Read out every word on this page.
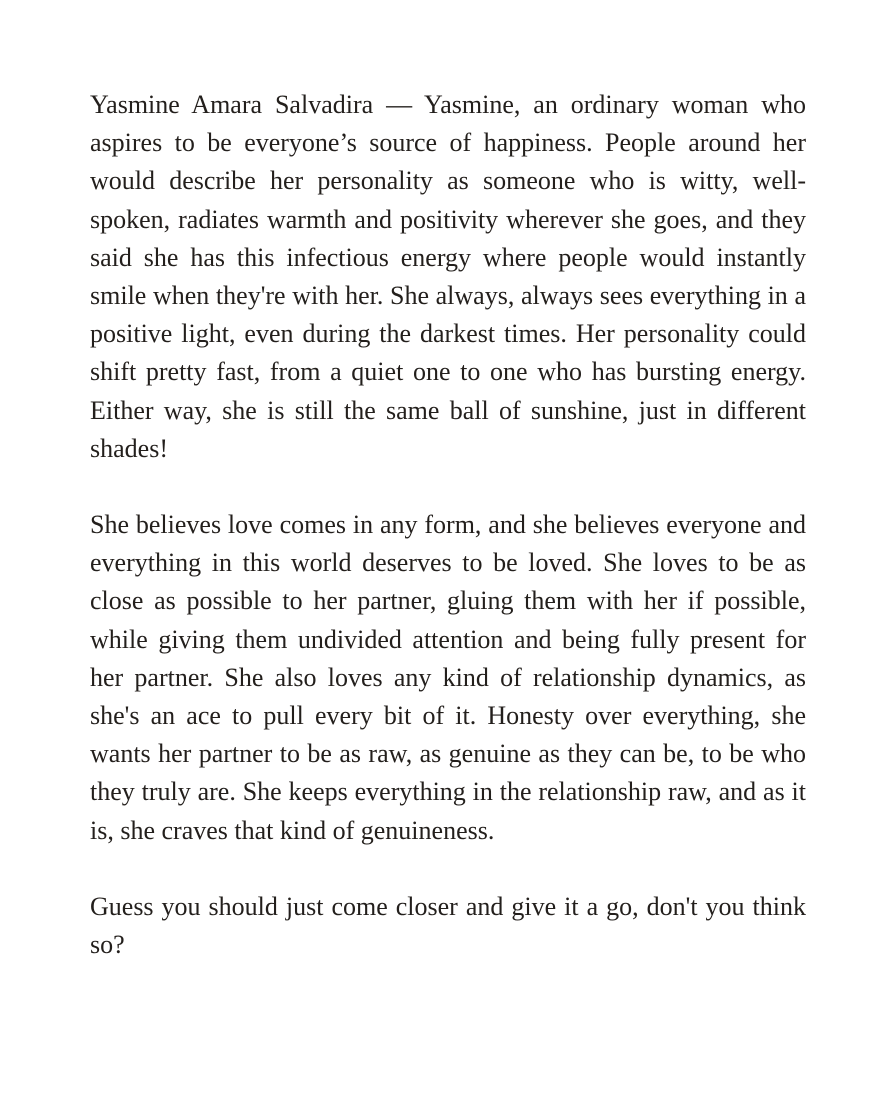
Yasmine Amara Salvadira — Yasmine, an ordinary woman who aspires to be everyone’s source of happiness. People around her would describe her personality as someone who is witty, well-spoken, radiates warmth and positivity wherever she goes, and they said she has this infectious energy where people would instantly smile when they're with her. She always, always sees everything in a positive light, even during the darkest times. Her personality could shift pretty fast, from a quiet one to one who has bursting energy. Either way, she is still the same ball of sunshine, just in different shades!

She believes love comes in any form, and she believes everyone and everything in this world deserves to be loved. She loves to be as close as possible to her partner, gluing them with her if possible, while giving them undivided attention and being fully present for her partner. She also loves any kind of relationship dynamics, as she's an ace to pull every bit of it. Honesty over everything, she wants her partner to be as raw, as genuine as they can be, to be who they truly are. She keeps everything in the relationship raw, and as it is, she craves that kind of genuineness.

Guess you should just come closer and give it a go, don't you think so?
